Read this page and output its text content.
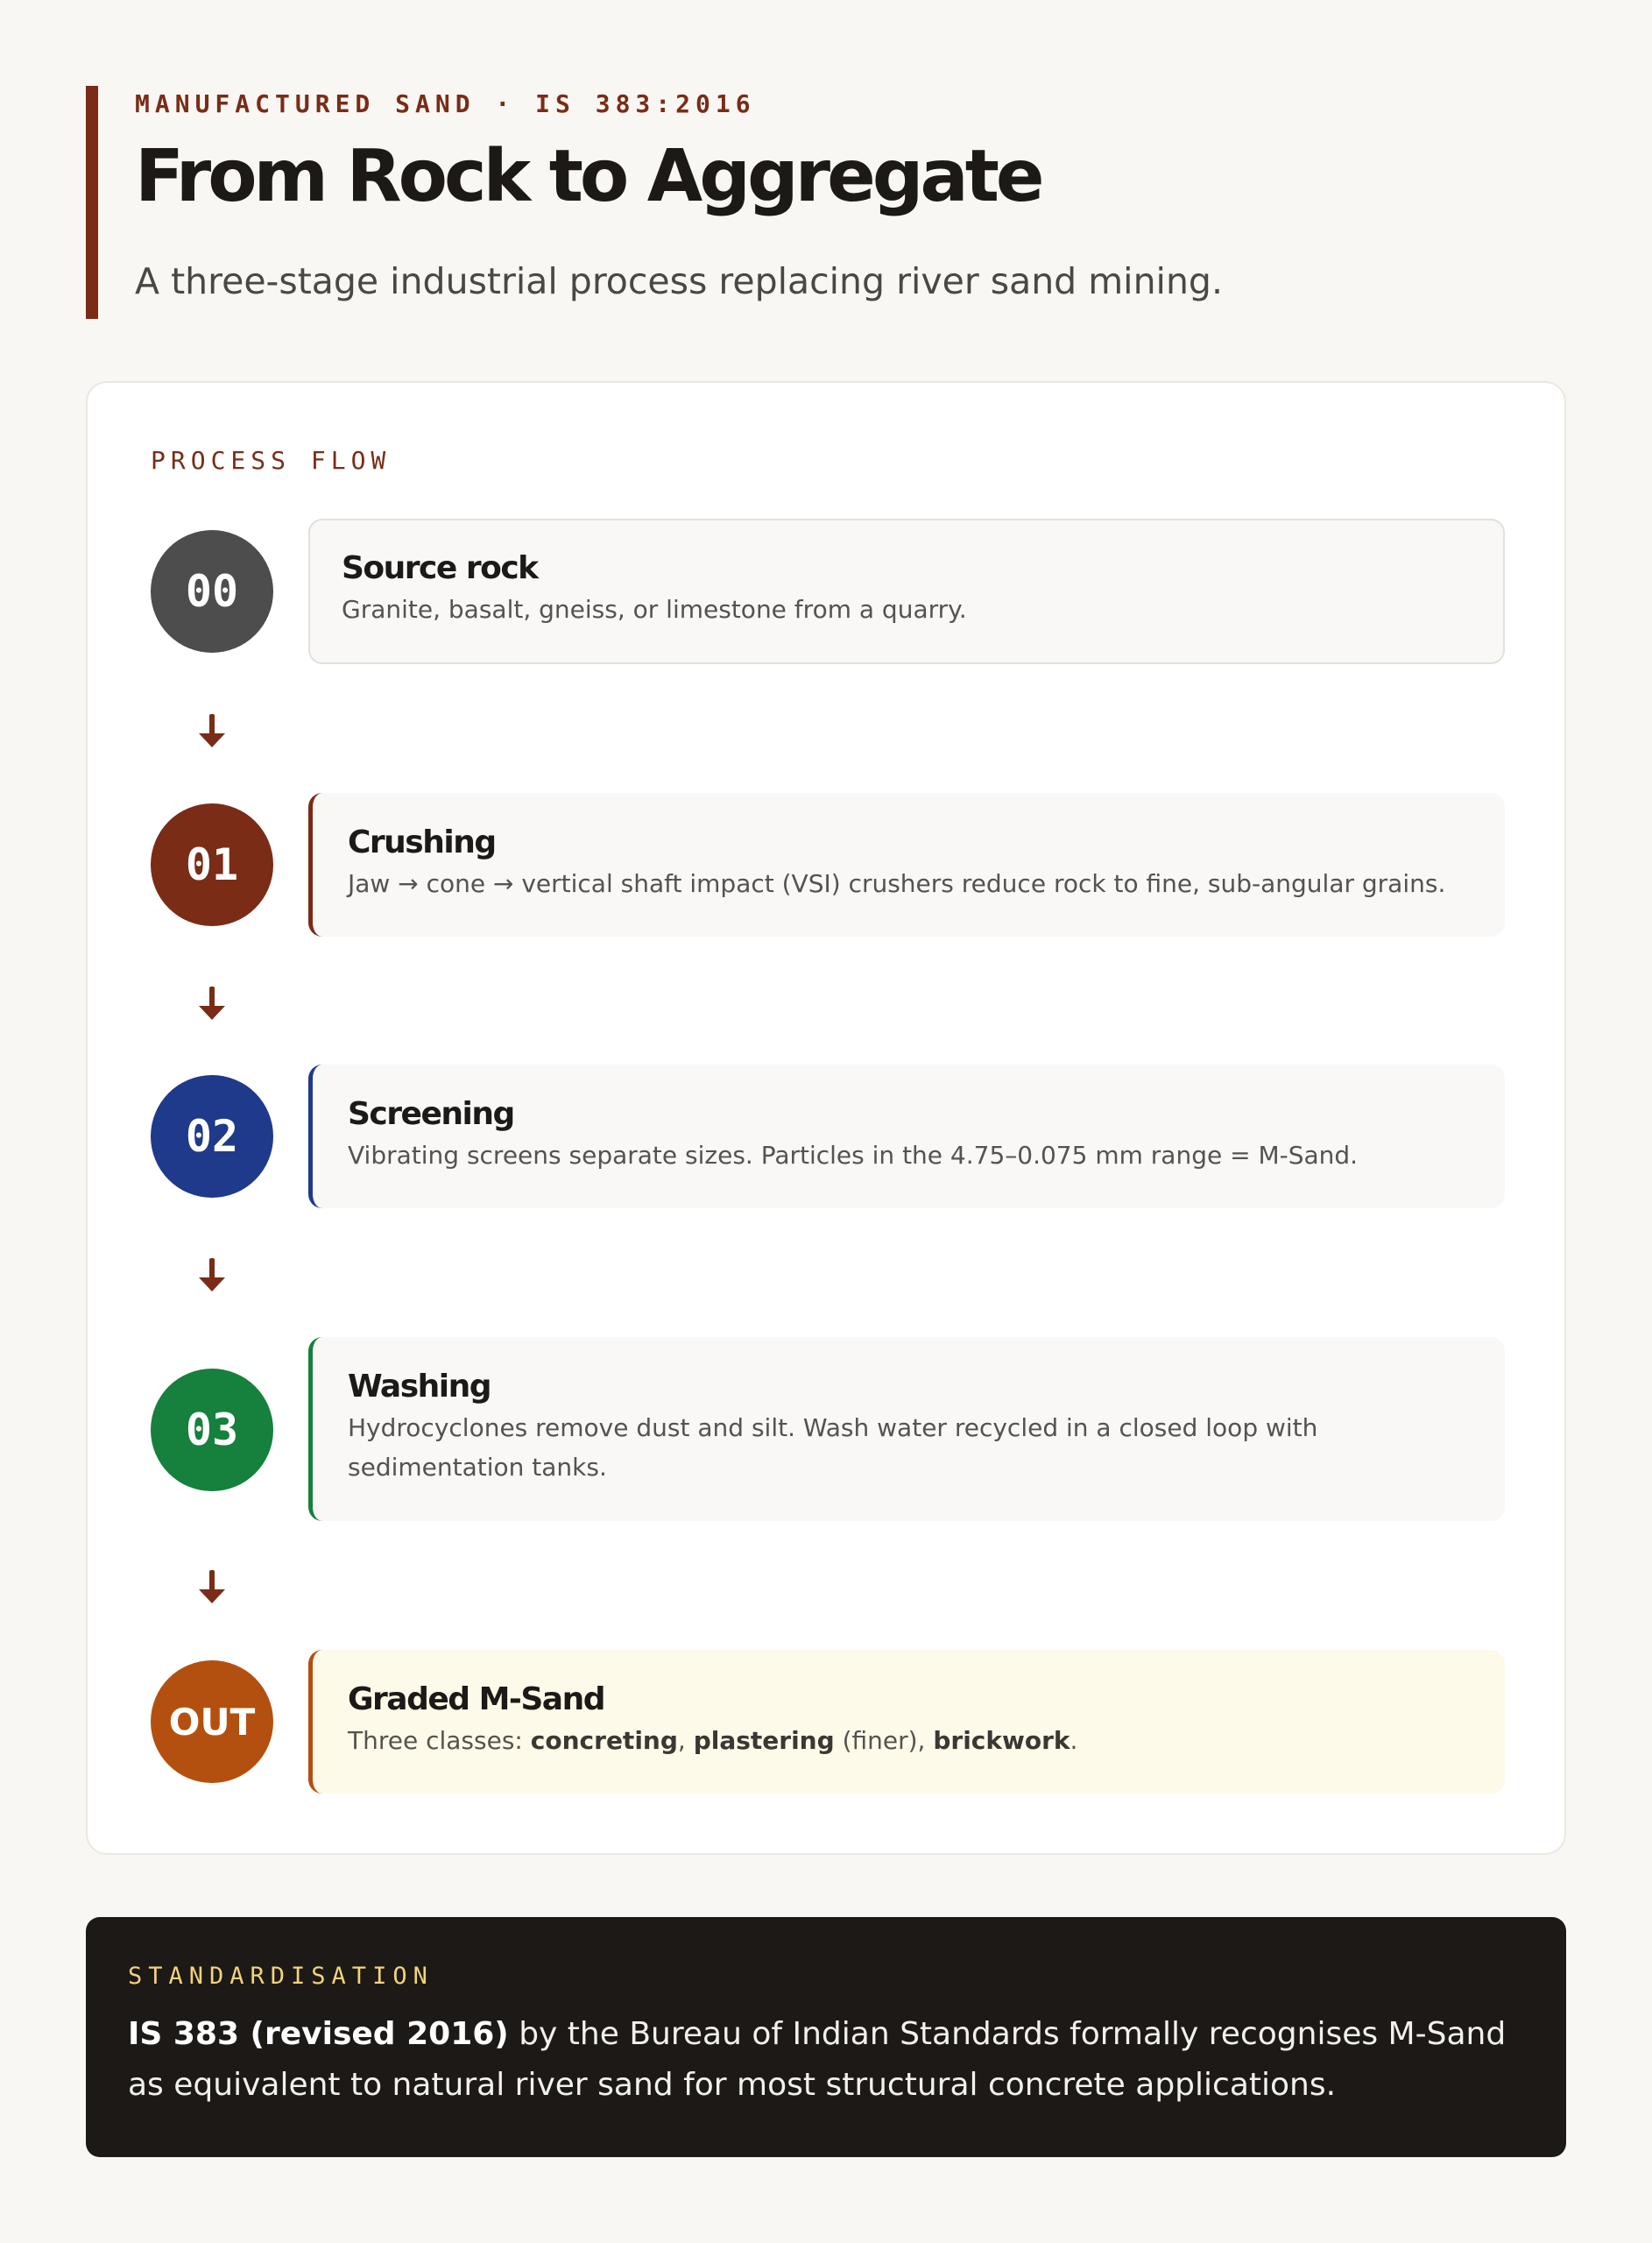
MANUFACTURED SAND · IS 383:2016
From Rock to Aggregate
A three-stage industrial process replacing river sand mining.
PROCESS FLOW
00	Source rock
Granite, basalt, gneiss, or limestone from a quarry.
01	Crushing
Jaw → cone → vertical shaft impact (VSI) crushers reduce rock to fine, sub-angular grains.
02	Screening
Vibrating screens separate sizes. Particles in the 4.75–0.075 mm range = M-Sand.
03
Washing
Hydrocyclones remove dust and silt. Wash water recycled in a closed loop with sedimentation tanks.
OUT
Graded M-Sand
Three classes: concreting, plastering (finer), brickwork.
STANDARDISATION
IS 383 (revised 2016) by the Bureau of Indian Standards formally recognises M-Sand as equivalent to natural river sand for most structural concrete applications.
